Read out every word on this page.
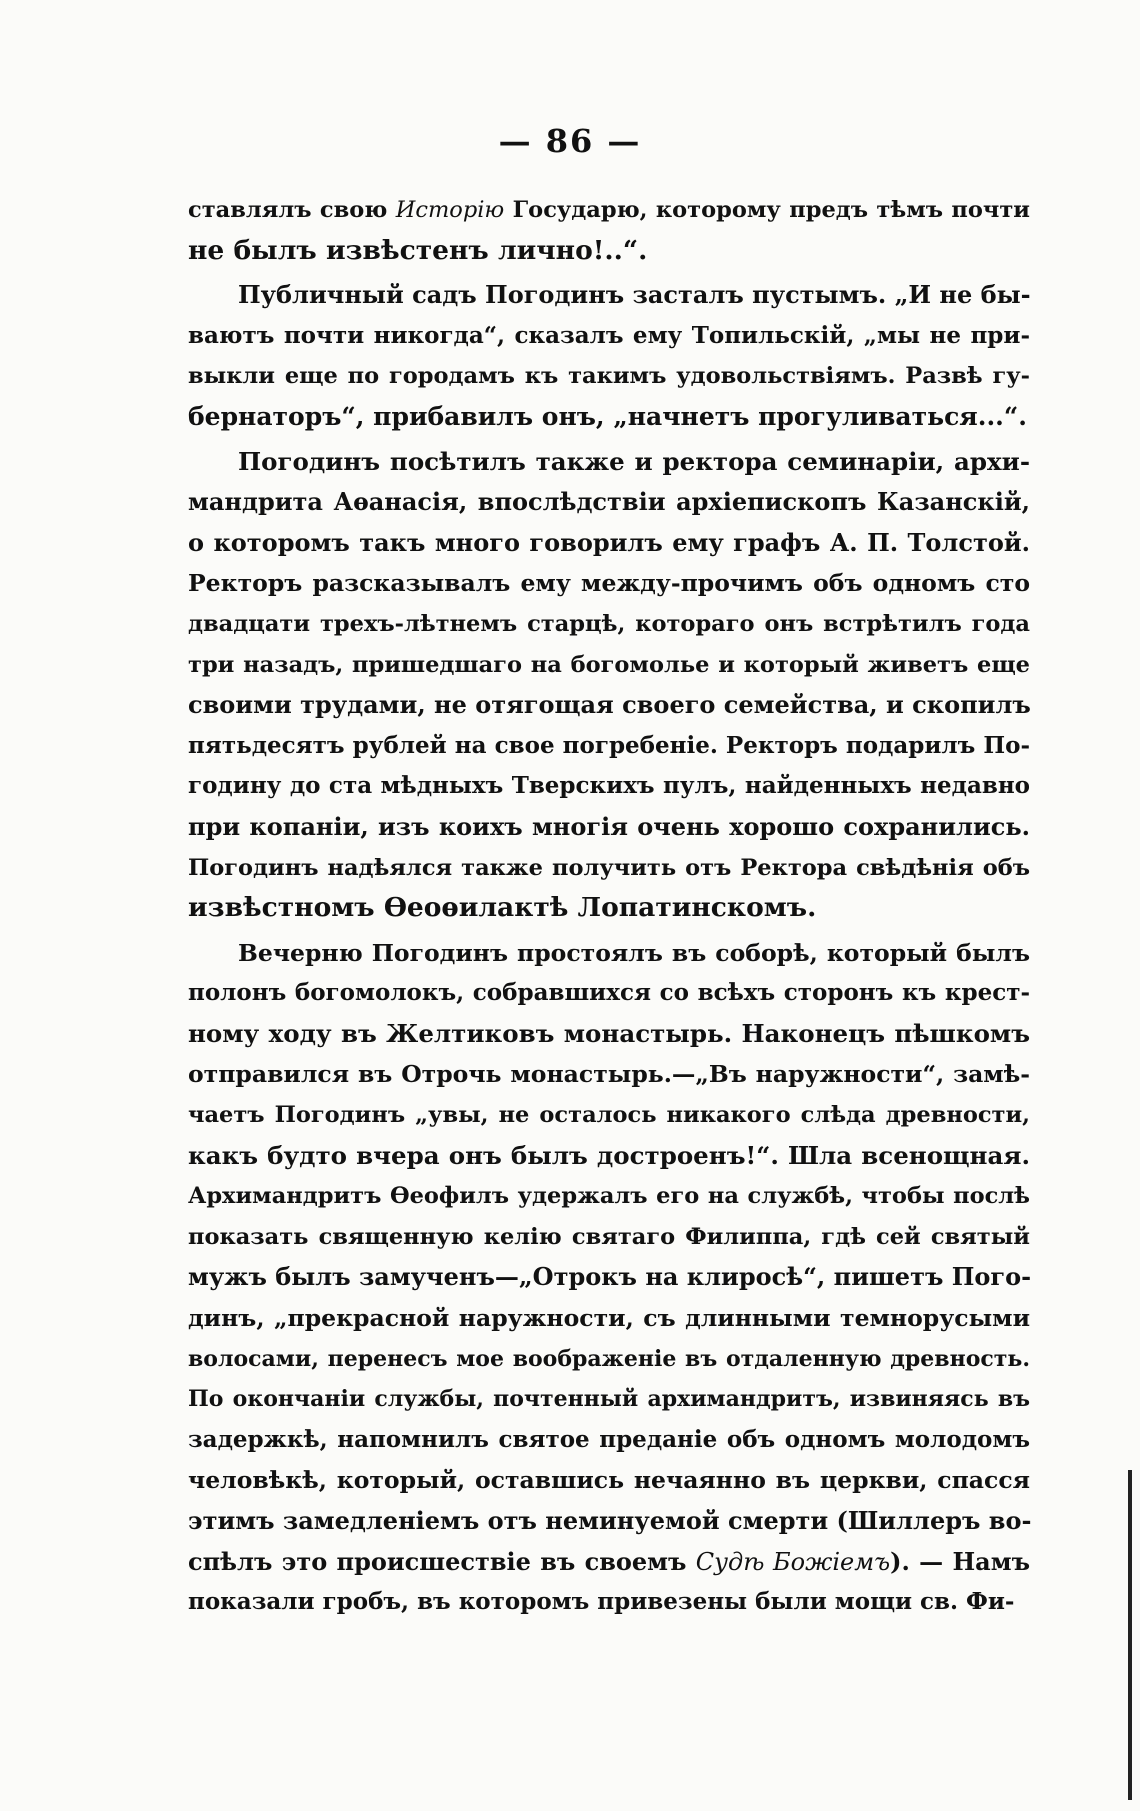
— 86 —

ставлялъ свою Исторію Государю, которому предъ тѣмъ почти
не былъ извѣстенъ лично!..“.

Публичный садъ Погодинъ засталъ пустымъ. „И не бы-
ваютъ почти никогда“, сказалъ ему Топильскій, „мы не при-
выкли еще по городамъ къ такимъ удовольствіямъ. Развѣ гу-
бернаторъ“, прибавилъ онъ, „начнетъ прогуливаться...“.

Погодинъ посѣтилъ также и ректора семинаріи, архи-
мандрита Аѳанасія, впослѣдствіи архіепископъ Казанскій,
о которомъ такъ много говорилъ ему графъ А. П. Толстой.
Ректоръ разсказывалъ ему между-прочимъ объ одномъ сто
двадцати трехъ-лѣтнемъ старцѣ, котораго онъ встрѣтилъ года
три назадъ, пришедшаго на богомолье и который живетъ еще
своими трудами, не отягощая своего семейства, и скопилъ
пятьдесятъ рублей на свое погребеніе. Ректоръ подарилъ По-
годину до ста мѣдныхъ Тверскихъ пулъ, найденныхъ недавно
при копаніи, изъ коихъ многія очень хорошо сохранились.
Погодинъ надѣялся также получить отъ Ректора свѣдѣнія объ
извѣстномъ Ѳеоѳилактѣ Лопатинскомъ.

Вечерню Погодинъ простоялъ въ соборѣ, который былъ
полонъ богомолокъ, собравшихся со всѣхъ сторонъ къ крест-
ному ходу въ Желтиковъ монастырь. Наконецъ пѣшкомъ
отправился въ Отрочь монастырь.—„Въ наружности“, замѣ-
чаетъ Погодинъ „увы, не осталось никакого слѣда древности,
какъ будто вчера онъ былъ достроенъ!“. Шла всенощная.
Архимандритъ Ѳеофилъ удержалъ его на службѣ, чтобы послѣ
показать священную келію святаго Филиппа, гдѣ сей святый
мужъ былъ замученъ—„Отрокъ на клиросѣ“, пишетъ Пого-
динъ, „прекрасной наружности, съ длинными темнорусыми
волосами, перенесъ мое воображеніе въ отдаленную древность.
По окончаніи службы, почтенный архимандритъ, извиняясь въ
задержкѣ, напомнилъ святое преданіе объ одномъ молодомъ
человѣкѣ, который, оставшись нечаянно въ церкви, спасся
этимъ замедленіемъ отъ неминуемой смерти (Шиллеръ во-
спѣлъ это происшествіе въ своемъ Судѣ Божіемъ). — Намъ
показали гробъ, въ которомъ привезены были мощи св. Фи-
